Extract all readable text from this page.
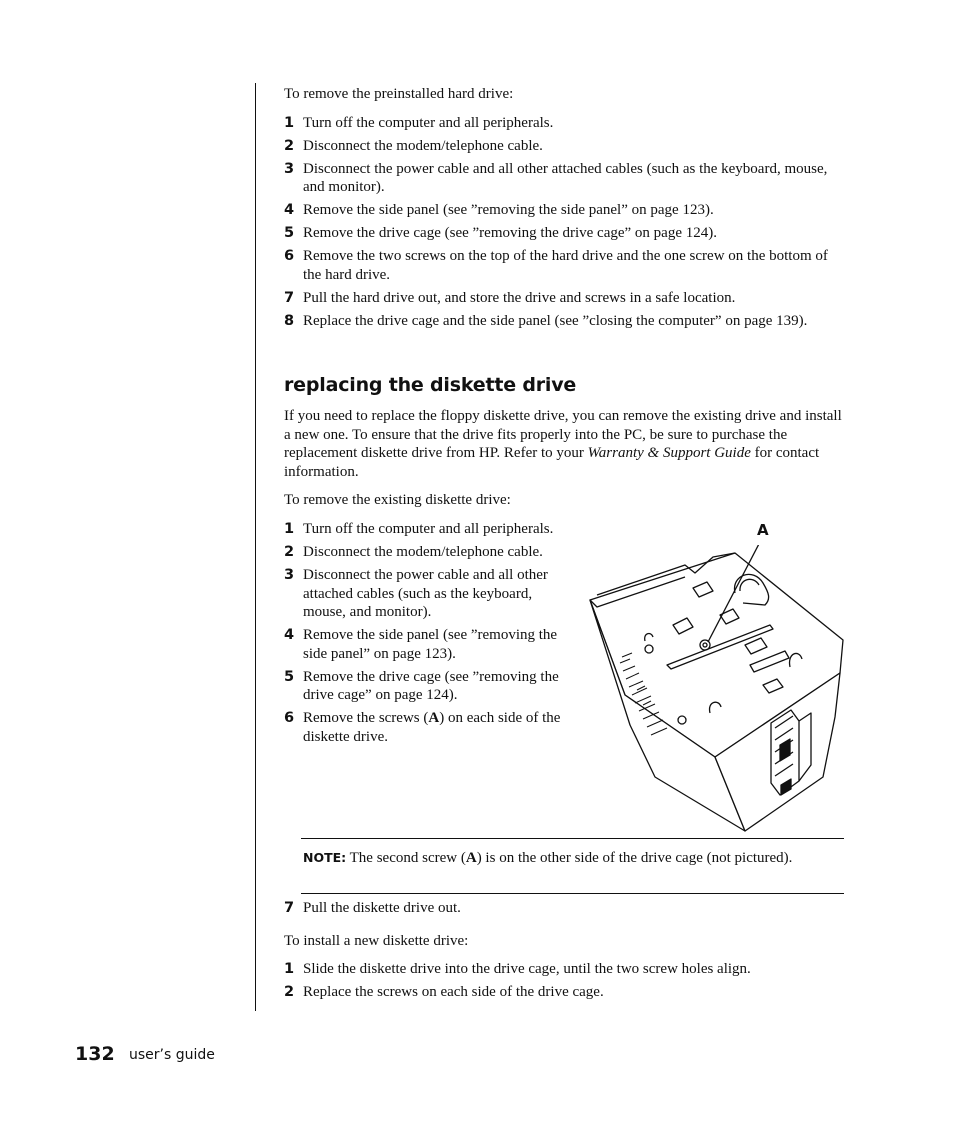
To remove the preinstalled hard drive:

1 Turn off the computer and all peripherals.
2 Disconnect the modem/telephone cable.
3 Disconnect the power cable and all other attached cables (such as the keyboard, mouse, and monitor).
4 Remove the side panel (see ”removing the side panel” on page 123).
5 Remove the drive cage (see ”removing the drive cage” on page 124).
6 Remove the two screws on the top of the hard drive and the one screw on the bottom of the hard drive.
7 Pull the hard drive out, and store the drive and screws in a safe location.
8 Replace the drive cage and the side panel (see ”closing the computer” on page 139).
replacing the diskette drive

If you need to replace the floppy diskette drive, you can remove the existing drive and install a new one. To ensure that the drive fits properly into the PC, be sure to purchase the replacement diskette drive from HP. Refer to your Warranty & Support Guide for contact information.

To remove the existing diskette drive:

1 Turn off the computer and all peripherals.
2 Disconnect the modem/telephone cable.
3 Disconnect the power cable and all other attached cables (such as the keyboard, mouse, and monitor).
4 Remove the side panel (see ”removing the side panel” on page 123).
5 Remove the drive cage (see ”removing the drive cage” on page 124).
6 Remove the screws (A) on each side of the diskette drive.
A
NOTE: The second screw (A) is on the other side of the drive cage (not pictured).
7 Pull the diskette drive out.

To install a new diskette drive:

1 Slide the diskette drive into the drive cage, until the two screw holes align.
2 Replace the screws on each side of the drive cage.
132 user’s guide
